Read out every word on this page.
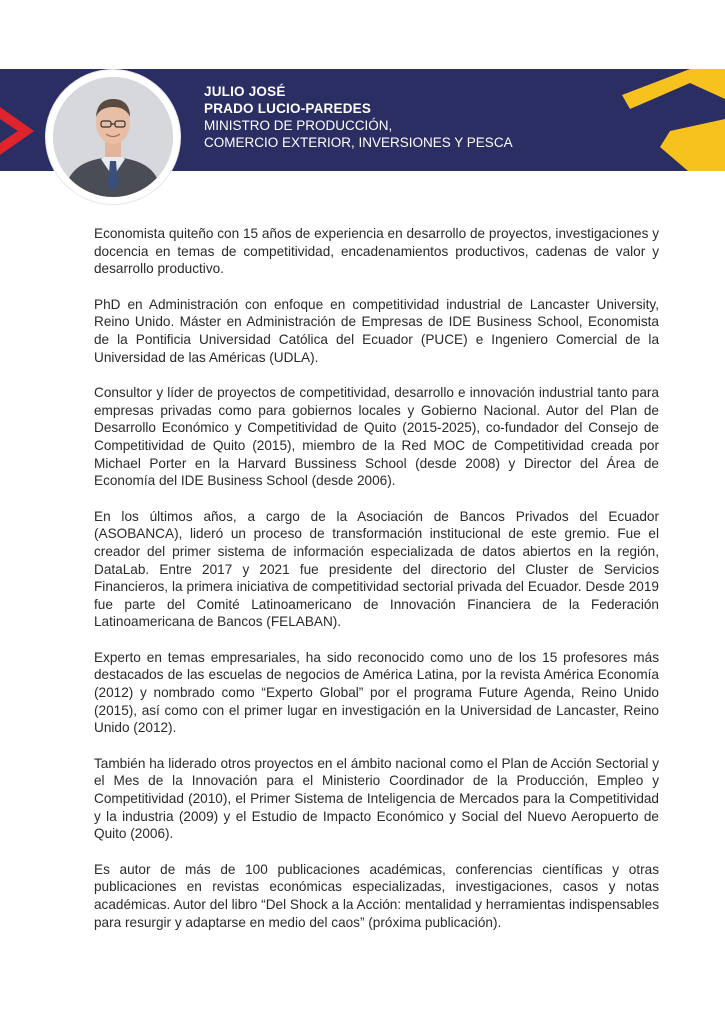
JULIO JOSÉ
PRADO LUCIO-PAREDES
MINISTRO DE PRODUCCIÓN,
COMERCIO EXTERIOR, INVERSIONES Y PESCA

Economista quiteño con 15 años de experiencia en desarrollo de proyectos, investigaciones y docencia en temas de competitividad, encadenamientos productivos, cadenas de valor y desarrollo productivo.

PhD en Administración con enfoque en competitividad industrial de Lancaster University, Reino Unido. Máster en Administración de Empresas de IDE Business School, Economista de la Pontificia Universidad Católica del Ecuador (PUCE) e Ingeniero Comercial de la Universidad de las Américas (UDLA).

Consultor y líder de proyectos de competitividad, desarrollo e innovación industrial tanto para empresas privadas como para gobiernos locales y Gobierno Nacional. Autor del Plan de Desarrollo Económico y Competitividad de Quito (2015-2025), co-fundador del Consejo de Competitividad de Quito (2015), miembro de la Red MOC de Competitividad creada por Michael Porter en la Harvard Bussiness School (desde 2008) y Director del Área de Economía del IDE Business School (desde 2006).

En los últimos años, a cargo de la Asociación de Bancos Privados del Ecuador (ASOBANCA), lideró un proceso de transformación institucional de este gremio. Fue el creador del primer sistema de información especializada de datos abiertos en la región, DataLab. Entre 2017 y 2021 fue presidente del directorio del Cluster de Servicios Financieros, la primera iniciativa de competitividad sectorial privada del Ecuador. Desde 2019 fue parte del Comité Latinoamericano de Innovación Financiera de la Federación Latinoamericana de Bancos (FELABAN).

Experto en temas empresariales, ha sido reconocido como uno de los 15 profesores más destacados de las escuelas de negocios de América Latina, por la revista América Economía (2012) y nombrado como “Experto Global” por el programa Future Agenda, Reino Unido (2015), así como con el primer lugar en investigación en la Universidad de Lancaster, Reino Unido (2012).

También ha liderado otros proyectos en el ámbito nacional como el Plan de Acción Sectorial y el Mes de la Innovación para el Ministerio Coordinador de la Producción, Empleo y Competitividad (2010), el Primer Sistema de Inteligencia de Mercados para la Competitividad y la industria (2009) y el Estudio de Impacto Económico y Social del Nuevo Aeropuerto de Quito (2006).

Es autor de más de 100 publicaciones académicas, conferencias científicas y otras publicaciones en revistas económicas especializadas, investigaciones, casos y notas académicas. Autor del libro “Del Shock a la Acción: mentalidad y herramientas indispensables para resurgir y adaptarse en medio del caos” (próxima publicación).
